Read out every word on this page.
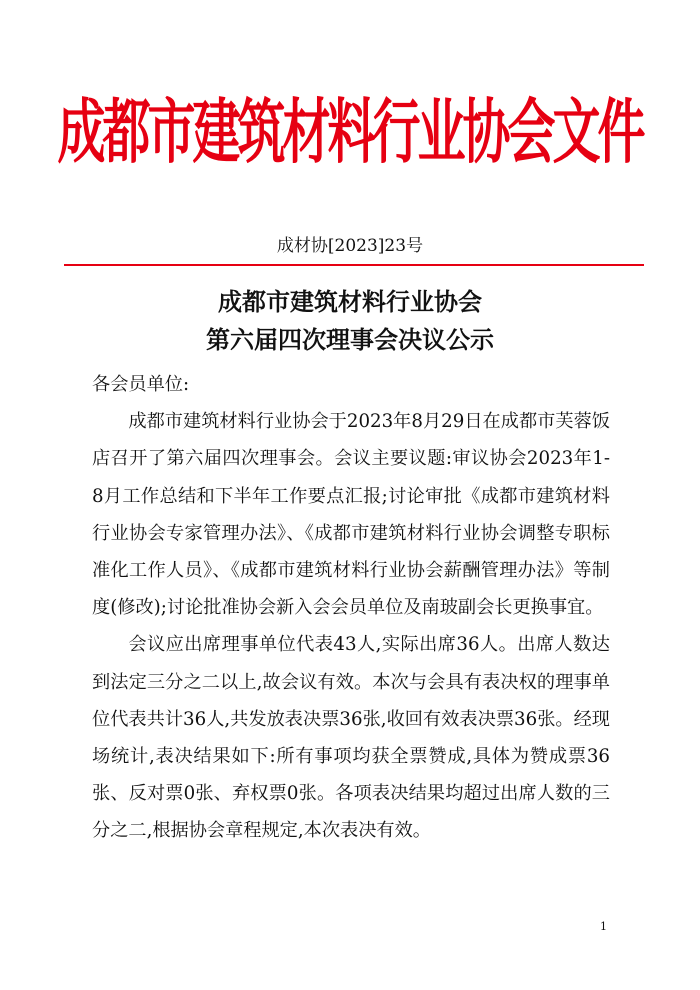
成都市建筑材料行业协会文件
成材协[2023]23号
成都市建筑材料行业协会
第六届四次理事会决议公示

各会员单位:

成都市建筑材料行业协会于2023年8月29日在成都市芙蓉饭店召开了第六届四次理事会。会议主要议题:审议协会2023年1-8月工作总结和下半年工作要点汇报;讨论审批《成都市建筑材料行业协会专家管理办法》、《成都市建筑材料行业协会调整专职标准化工作人员》、《成都市建筑材料行业协会薪酬管理办法》等制度(修改);讨论批准协会新入会会员单位及南玻副会长更换事宜。

会议应出席理事单位代表43人,实际出席36人。出席人数达到法定三分之二以上,故会议有效。本次与会具有表决权的理事单位代表共计36人,共发放表决票36张,收回有效表决票36张。经现场统计,表决结果如下:所有事项均获全票赞成,具体为赞成票36张、反对票0张、弃权票0张。各项表决结果均超过出席人数的三分之二,根据协会章程规定,本次表决有效。

1
